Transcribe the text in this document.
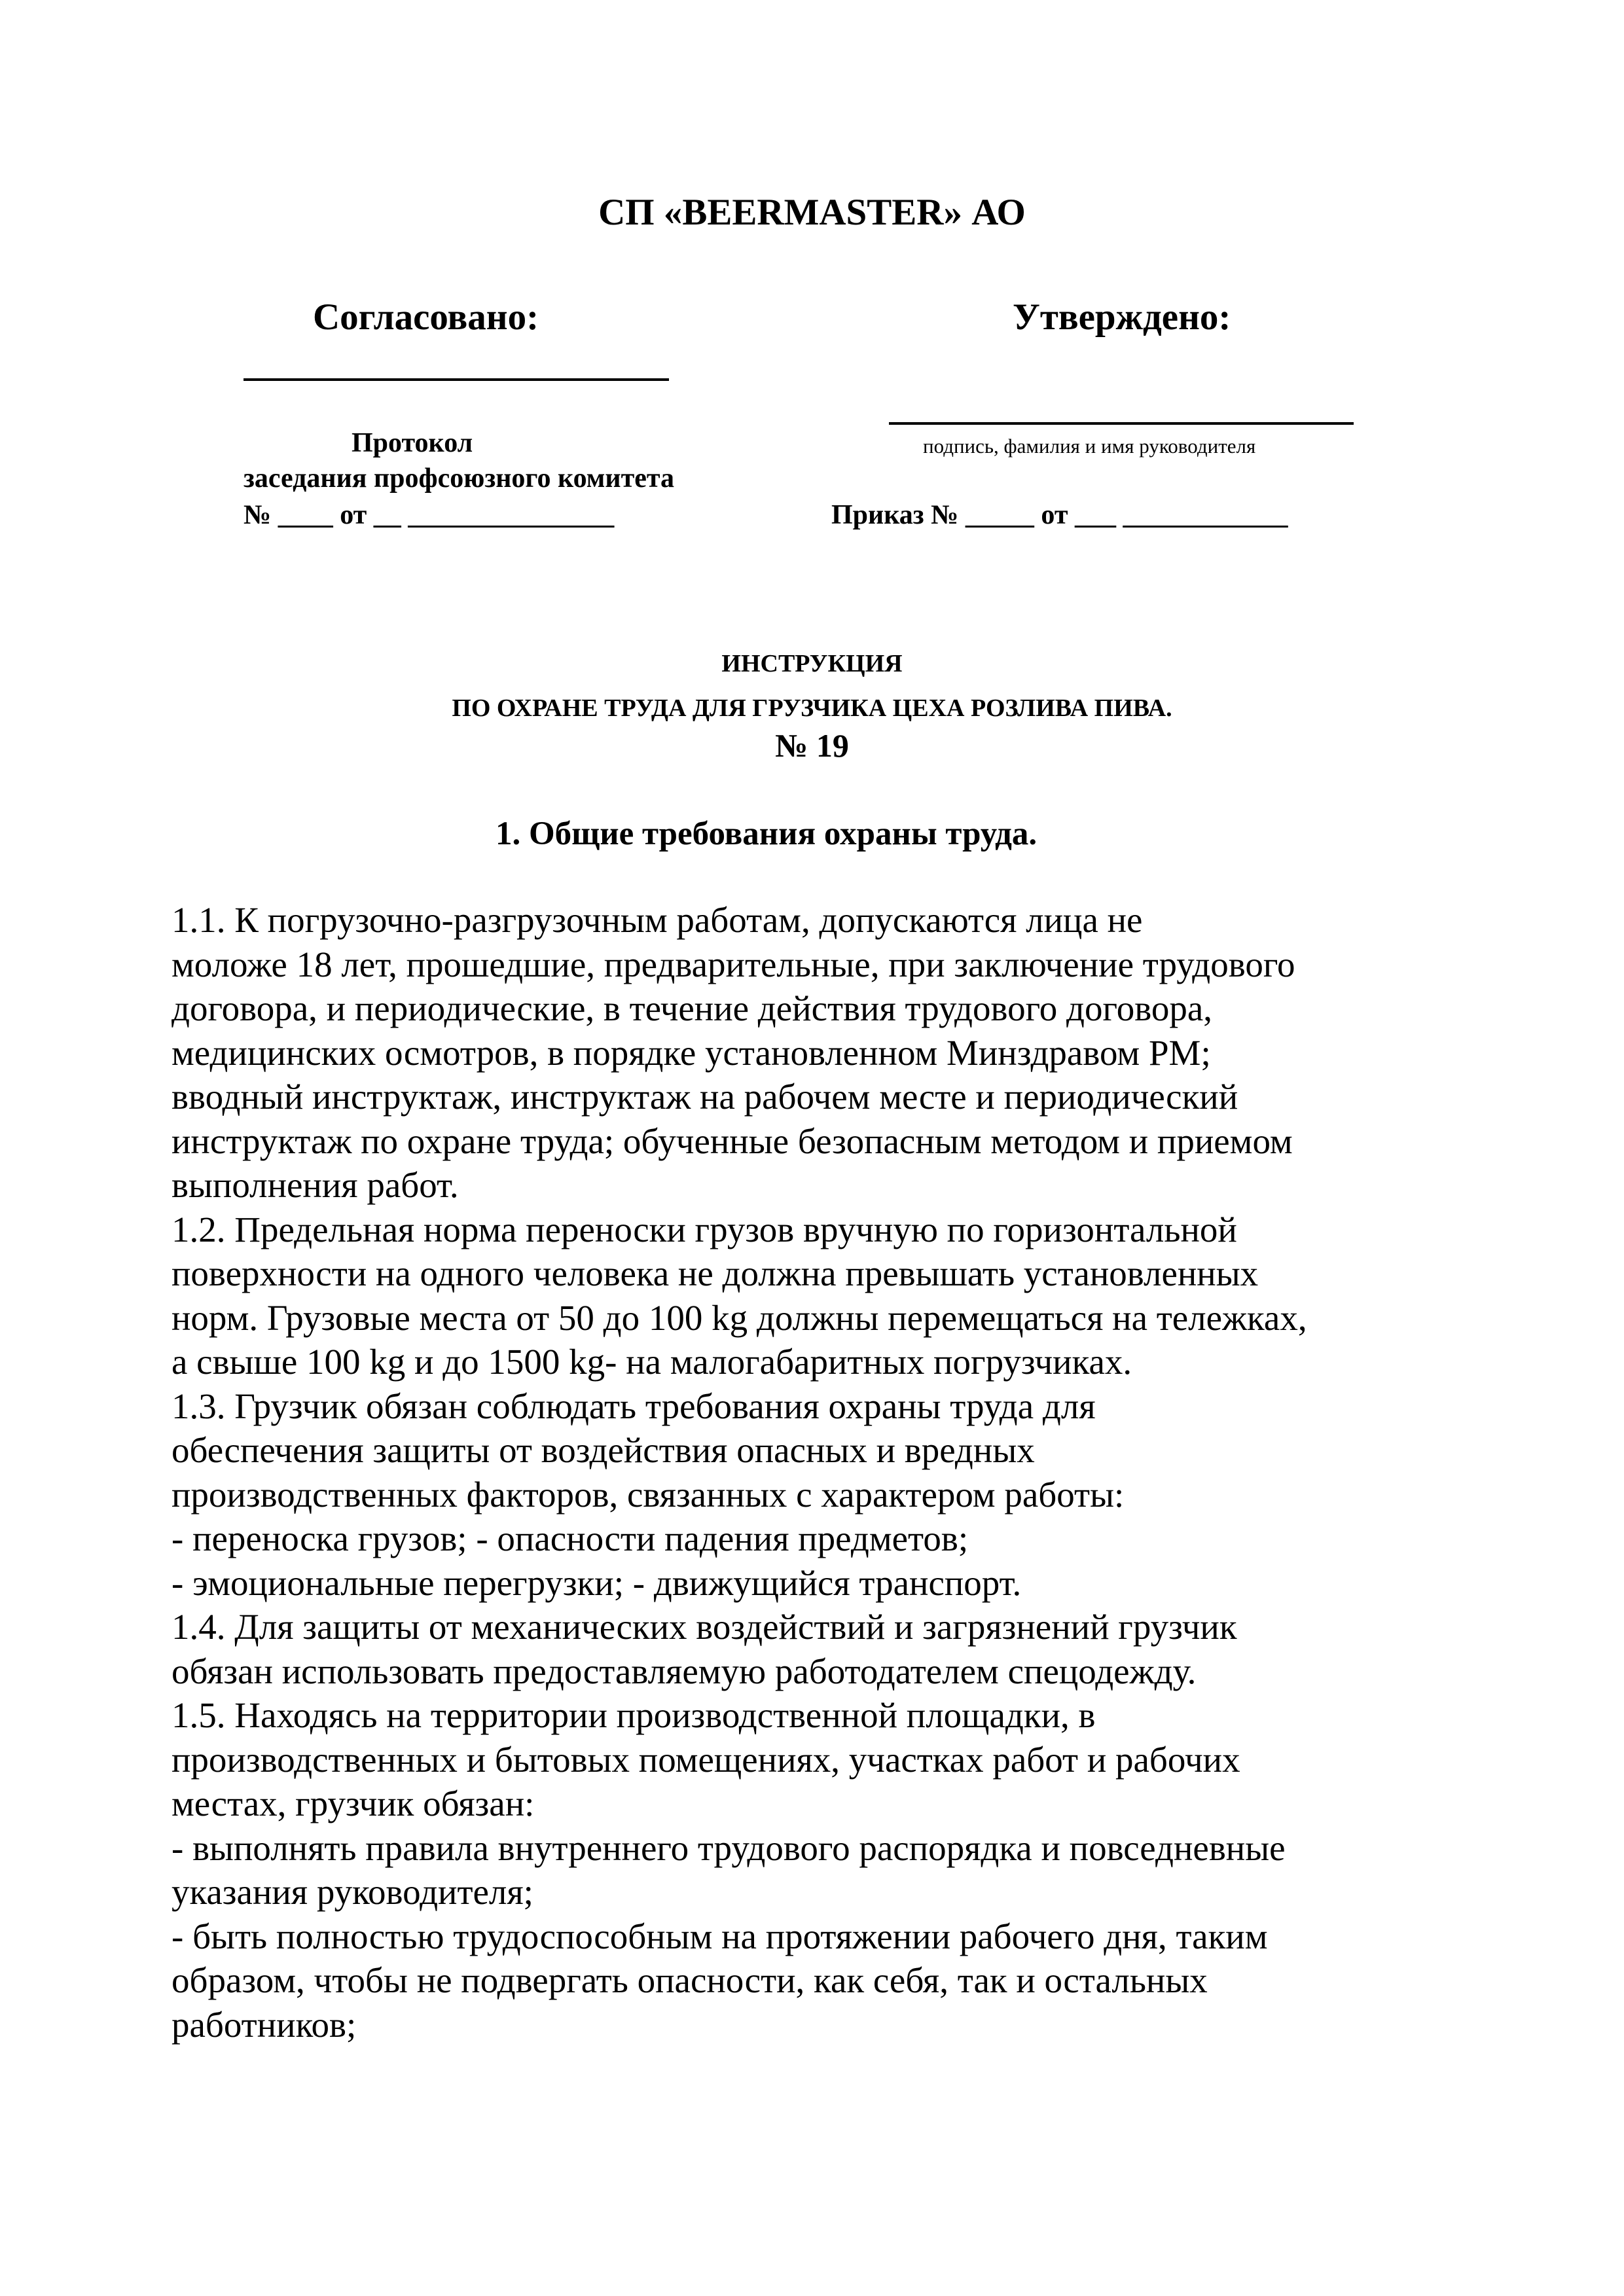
СП «BEERMASTER» АО
Согласовано:	Утверждено:
Протокол
заседания профсоюзного комитета
№ ____ от __ _______________
подпись, фамилия и имя руководителя
Приказ № _____ от ___ ____________
ИНСТРУКЦИЯ
ПО ОХРАНЕ ТРУДА ДЛЯ ГРУЗЧИКА ЦЕХА РОЗЛИВА ПИВА.
№ 19
1. Общие требования охраны труда.
1.1. К погрузочно-разгрузочным работам, допускаются лица не
моложе 18 лет, прошедшие, предварительные, при заключение трудового
договора, и периодические, в течение действия трудового договора,
медицинских осмотров, в порядке установленном Минздравом РМ;
вводный инструктаж, инструктаж на рабочем месте и периодический
инструктаж по охране труда; обученные безопасным методом и приемом
выполнения работ.
1.2. Предельная норма переноски грузов вручную по горизонтальной
поверхности на одного человека не должна превышать установленных
норм. Грузовые места от 50 до 100 kg должны перемещаться на тележках,
а свыше 100 kg и до 1500 kg- на малогабаритных погрузчиках.
1.3. Грузчик обязан соблюдать требования охраны труда для
обеспечения защиты от воздействия опасных и вредных
производственных факторов, связанных с характером работы:
- переноска грузов; - опасности падения предметов;
- эмоциональные перегрузки; - движущийся транспорт.
1.4. Для защиты от механических воздействий и загрязнений грузчик
обязан использовать предоставляемую работодателем спецодежду.
1.5. Находясь на территории производственной площадки, в
производственных и бытовых помещениях, участках работ и рабочих
местах, грузчик обязан:
- выполнять правила внутреннего трудового распорядка и повседневные
указания руководителя;
- быть полностью трудоспособным на протяжении рабочего дня, таким
образом, чтобы не подвергать опасности, как себя, так и остальных
работников;
